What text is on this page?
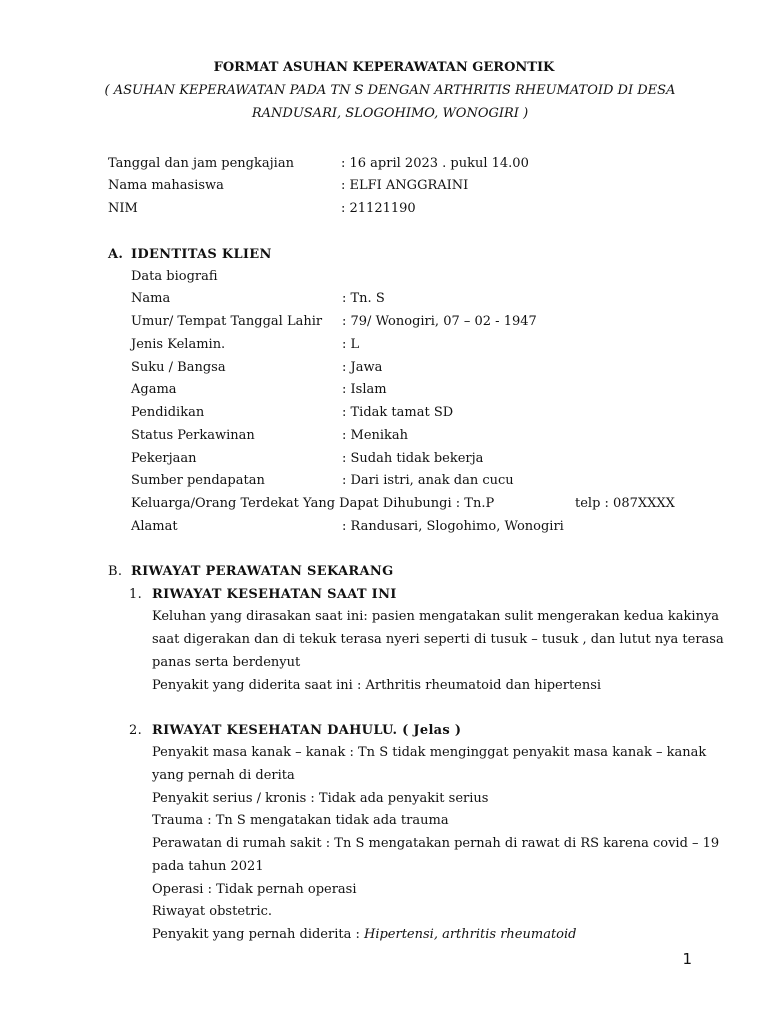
FORMAT ASUHAN KEPERAWATAN GERONTIK
( ASUHAN KEPERAWATAN PADA TN S DENGAN ARTHRITIS RHEUMATOID DI DESA
RANDUSARI, SLOGOHIMO, WONOGIRI )
Tanggal dan jam pengkajian	: 16 april 2023 . pukul 14.00
Nama mahasiswa	: ELFI ANGGRAINI
NIM	: 21121190
A. IDENTITAS KLIEN
Data biografi
Nama	: Tn. S
Umur/ Tempat Tanggal Lahir : 79/ Wonogiri, 07 – 02 - 1947
Jenis Kelamin.	: L
Suku / Bangsa	: Jawa
Agama	: Islam
Pendidikan	: Tidak tamat SD
Status Perkawinan	: Menikah
Pekerjaan	: Sudah tidak bekerja
Sumber pendapatan	: Dari istri, anak dan cucu
Keluarga/Orang Terdekat Yang Dapat Dihubungi : Tn.P	telp : 087XXXX
Alamat	: Randusari, Slogohimo, Wonogiri
B. RIWAYAT PERAWATAN SEKARANG
1. RIWAYAT KESEHATAN SAAT INI
Keluhan yang dirasakan saat ini: pasien mengatakan sulit mengerakan kedua kakinya
saat digerakan dan di tekuk terasa nyeri seperti di tusuk – tusuk , dan lutut nya terasa
panas serta berdenyut
Penyakit yang diderita saat ini : Arthritis rheumatoid dan hipertensi
2. RIWAYAT KESEHATAN DAHULU. ( Jelas )
Penyakit masa kanak – kanak : Tn S tidak menginggat penyakit masa kanak – kanak
yang pernah di derita
Penyakit serius / kronis : Tidak ada penyakit serius
Trauma : Tn S mengatakan tidak ada trauma
Perawatan di rumah sakit : Tn S mengatakan pernah di rawat di RS karena covid – 19
pada tahun 2021
Operasi : Tidak pernah operasi
Riwayat obstetric.
Penyakit yang pernah diderita : Hipertensi, arthritis rheumatoid
1
